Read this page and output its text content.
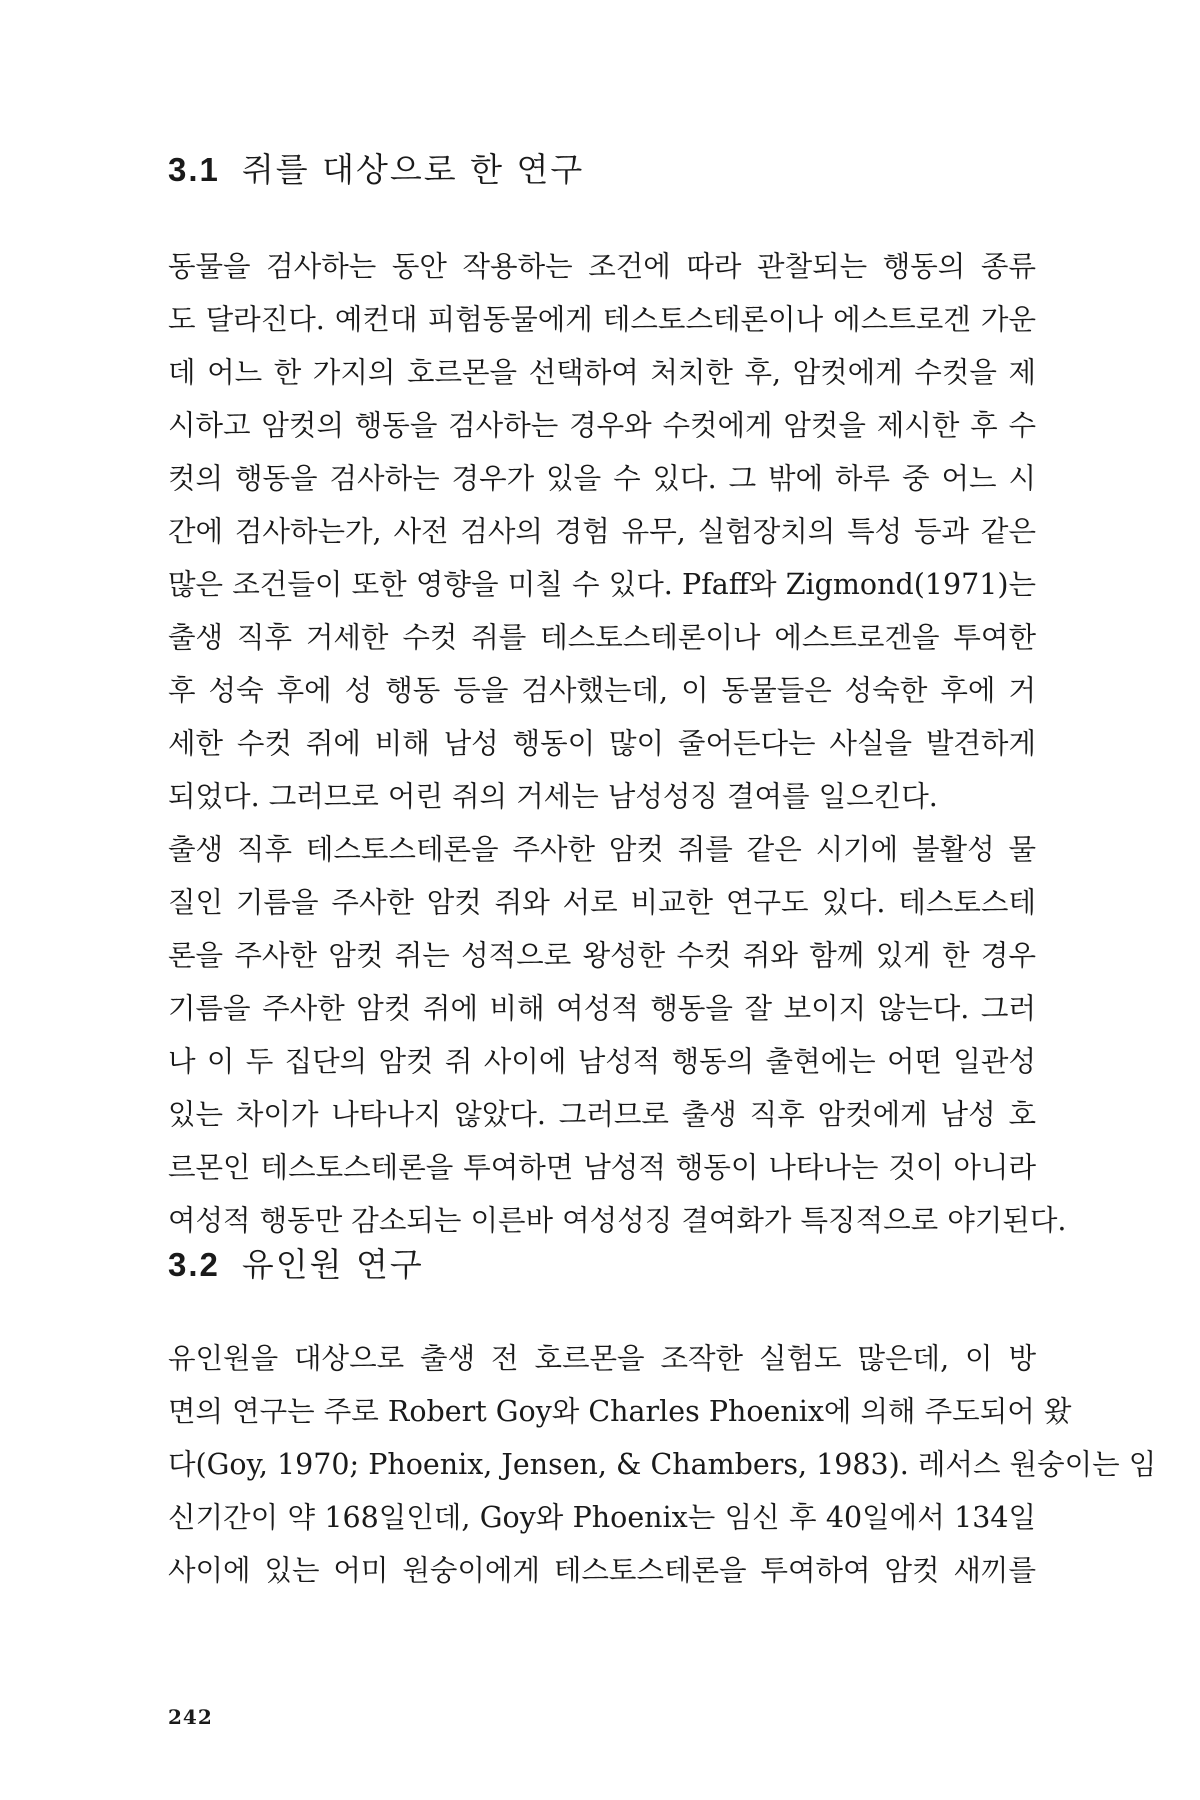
3.1 쥐를 대상으로 한 연구
동물을 검사하는 동안 작용하는 조건에 따라 관찰되는 행동의 종류
도 달라진다. 예컨대 피험동물에게 테스토스테론이나 에스트로겐 가운
데 어느 한 가지의 호르몬을 선택하여 처치한 후, 암컷에게 수컷을 제
시하고 암컷의 행동을 검사하는 경우와 수컷에게 암컷을 제시한 후 수
컷의 행동을 검사하는 경우가 있을 수 있다. 그 밖에 하루 중 어느 시
간에 검사하는가, 사전 검사의 경험 유무, 실험장치의 특성 등과 같은
많은 조건들이 또한 영향을 미칠 수 있다. Pfaff와 Zigmond(1971)는
출생 직후 거세한 수컷 쥐를 테스토스테론이나 에스트로겐을 투여한
후 성숙 후에 성 행동 등을 검사했는데, 이 동물들은 성숙한 후에 거
세한 수컷 쥐에 비해 남성 행동이 많이 줄어든다는 사실을 발견하게
되었다. 그러므로 어린 쥐의 거세는 남성성징 결여를 일으킨다.
출생 직후 테스토스테론을 주사한 암컷 쥐를 같은 시기에 불활성 물
질인 기름을 주사한 암컷 쥐와 서로 비교한 연구도 있다. 테스토스테
론을 주사한 암컷 쥐는 성적으로 왕성한 수컷 쥐와 함께 있게 한 경우
기름을 주사한 암컷 쥐에 비해 여성적 행동을 잘 보이지 않는다. 그러
나 이 두 집단의 암컷 쥐 사이에 남성적 행동의 출현에는 어떤 일관성
있는 차이가 나타나지 않았다. 그러므로 출생 직후 암컷에게 남성 호
르몬인 테스토스테론을 투여하면 남성적 행동이 나타나는 것이 아니라
여성적 행동만 감소되는 이른바 여성성징 결여화가 특징적으로 야기된다.
3.2 유인원 연구
유인원을 대상으로 출생 전 호르몬을 조작한 실험도 많은데, 이 방
면의 연구는 주로 Robert Goy와 Charles Phoenix에 의해 주도되어 왔
다(Goy, 1970; Phoenix, Jensen, & Chambers, 1983). 레서스 원숭이는 임
신기간이 약 168일인데, Goy와 Phoenix는 임신 후 40일에서 134일
사이에 있는 어미 원숭이에게 테스토스테론을 투여하여 암컷 새끼를
242
